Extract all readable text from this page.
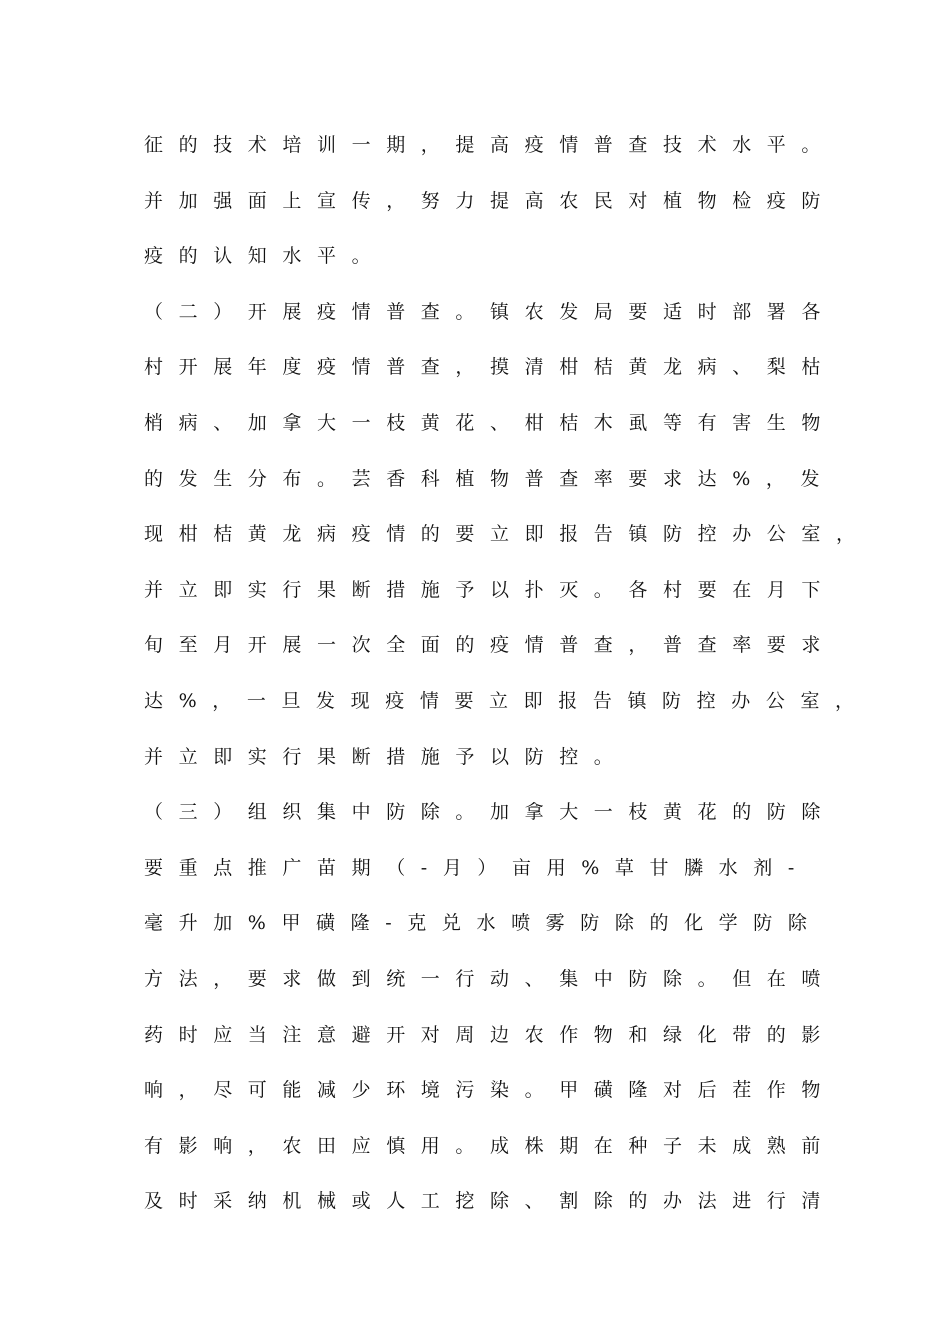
征的技术培训一期，提高疫情普查技术水平。
并加强面上宣传，努力提高农民对植物检疫防
疫的认知水平。
（二）开展疫情普查。镇农发局要适时部署各
村开展年度疫情普查，摸清柑桔黄龙病、梨枯
梢病、加拿大一枝黄花、柑桔木虱等有害生物
的发生分布。芸香科植物普查率要求达%，发
现柑桔黄龙病疫情的要立即报告镇防控办公室，
并立即实行果断措施予以扑灭。各村要在月下
旬至月开展一次全面的疫情普查，普查率要求
达%，一旦发现疫情要立即报告镇防控办公室，
并立即实行果断措施予以防控。
（三）组织集中防除。加拿大一枝黄花的防除
要重点推广苗期（-月）亩用%草甘膦水剂-
毫升加%甲磺隆-克兑水喷雾防除的化学防除
方法，要求做到统一行动、集中防除。但在喷
药时应当注意避开对周边农作物和绿化带的影
响，尽可能减少环境污染。甲磺隆对后茬作物
有影响，农田应慎用。成株期在种子未成熟前
及时采纳机械或人工挖除、割除的办法进行清
